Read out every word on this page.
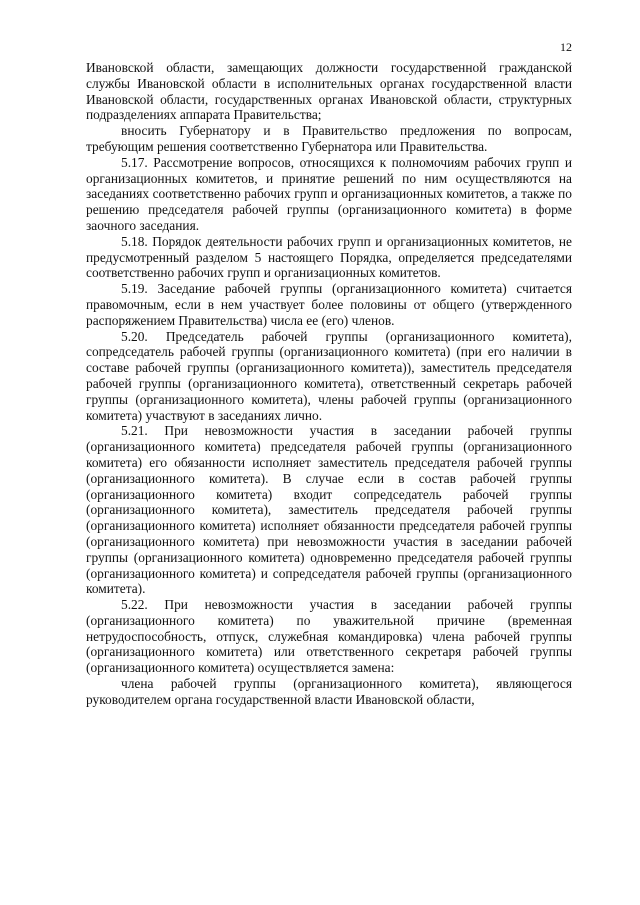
12

Ивановской области, замещающих должности государственной гражданской службы Ивановской области в исполнительных органах государственной власти Ивановской области, государственных органах Ивановской области, структурных подразделениях аппарата Правительства;

вносить Губернатору и в Правительство предложения по вопросам, требующим решения соответственно Губернатора или Правительства.

5.17. Рассмотрение вопросов, относящихся к полномочиям рабочих групп и организационных комитетов, и принятие решений по ним осуществляются на заседаниях соответственно рабочих групп и организационных комитетов, а также по решению председателя рабочей группы (организационного комитета) в форме заочного заседания.

5.18. Порядок деятельности рабочих групп и организационных комитетов, не предусмотренный разделом 5 настоящего Порядка, определяется председателями соответственно рабочих групп и организационных комитетов.

5.19. Заседание рабочей группы (организационного комитета) считается правомочным, если в нем участвует более половины от общего (утвержденного распоряжением Правительства) числа ее (его) членов.

5.20. Председатель рабочей группы (организационного комитета), сопредседатель рабочей группы (организационного комитета) (при его наличии в составе рабочей группы (организационного комитета)), заместитель председателя рабочей группы (организационного комитета), ответственный секретарь рабочей группы (организационного комитета), члены рабочей группы (организационного комитета) участвуют в заседаниях лично.

5.21. При невозможности участия в заседании рабочей группы (организационного комитета) председателя рабочей группы (организационного комитета) его обязанности исполняет заместитель председателя рабочей группы (организационного комитета). В случае если в состав рабочей группы (организационного комитета) входит сопредседатель рабочей группы (организационного комитета), заместитель председателя рабочей группы (организационного комитета) исполняет обязанности председателя рабочей группы (организационного комитета) при невозможности участия в заседании рабочей группы (организационного комитета) одновременно председателя рабочей группы (организационного комитета) и сопредседателя рабочей группы (организационного комитета).

5.22. При невозможности участия в заседании рабочей группы (организационного комитета) по уважительной причине (временная нетрудоспособность, отпуск, служебная командировка) члена рабочей группы (организационного комитета) или ответственного секретаря рабочей группы (организационного комитета) осуществляется замена:

члена рабочей группы (организационного комитета), являющегося руководителем органа государственной власти Ивановской области,
